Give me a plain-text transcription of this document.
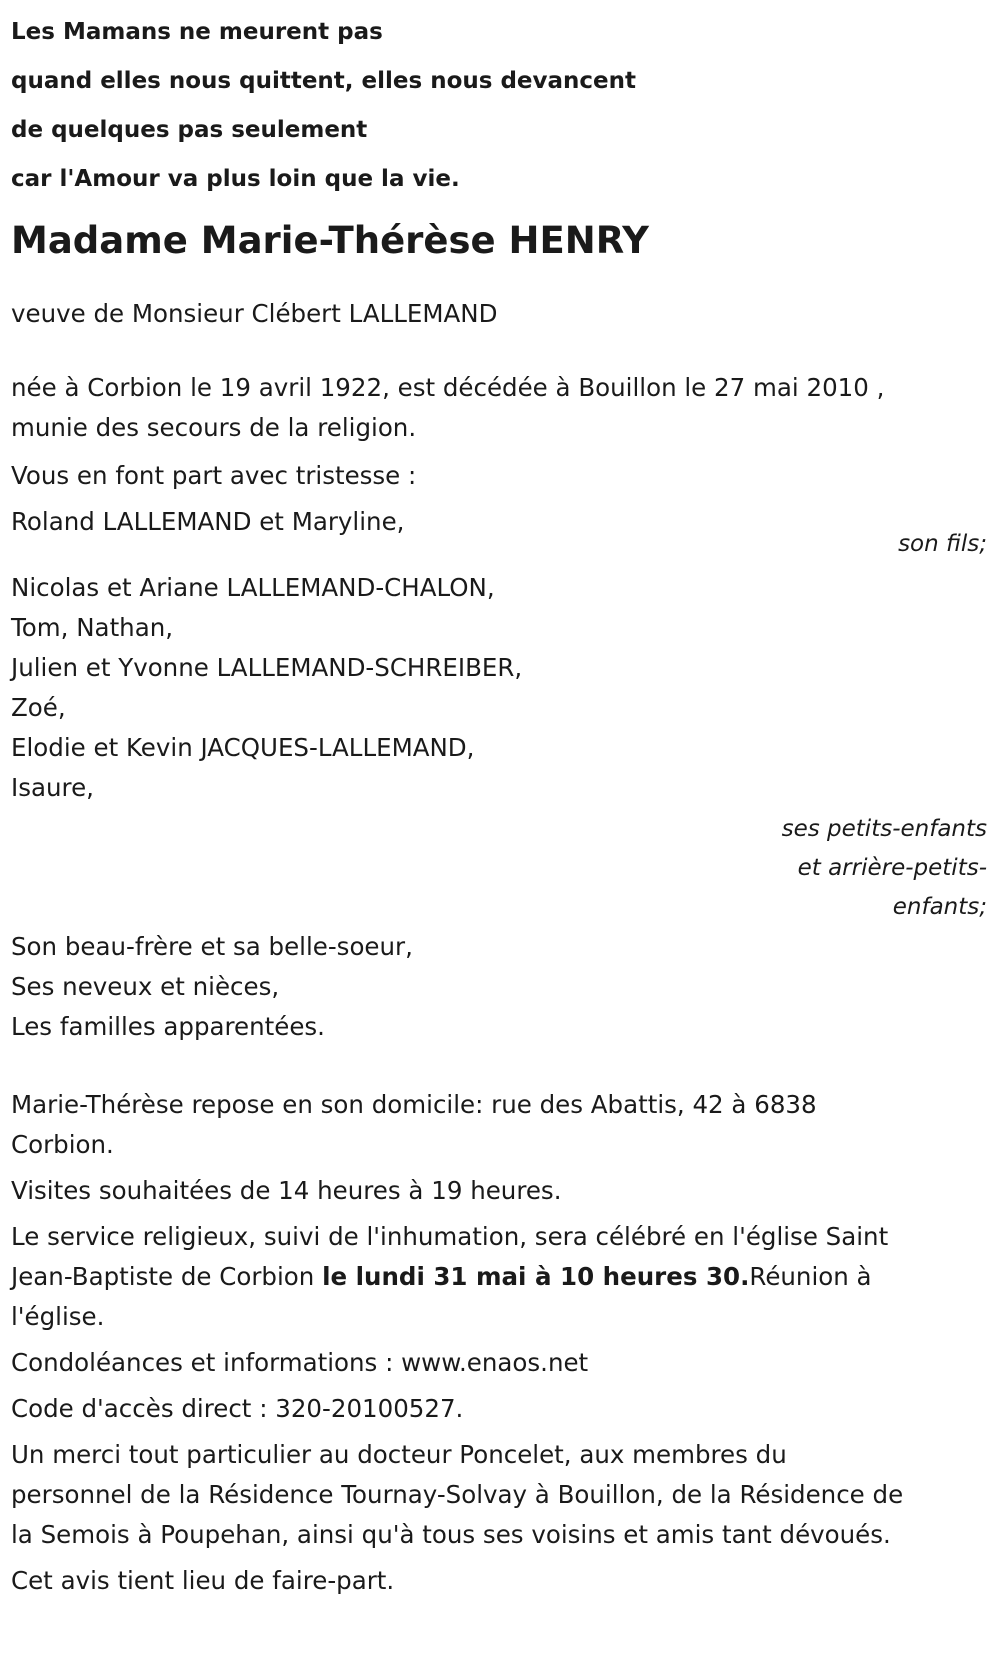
Les Mamans ne meurent pas
quand elles nous quittent, elles nous devancent
de quelques pas seulement
car l'Amour va plus loin que la vie.
Madame Marie-Thérèse HENRY
veuve de Monsieur Clébert LALLEMAND
née à Corbion le 19 avril 1922, est décédée à Bouillon le 27 mai 2010 ,
munie des secours de la religion.
Vous en font part avec tristesse :
Roland LALLEMAND et Maryline,
son fils;
Nicolas et Ariane LALLEMAND-CHALON,
Tom, Nathan,
Julien et Yvonne LALLEMAND-SCHREIBER,
Zoé,
Elodie et Kevin JACQUES-LALLEMAND,
Isaure,
ses petits-enfants
et arrière-petits-
enfants;
Son beau-frère et sa belle-soeur,
Ses neveux et nièces,
Les familles apparentées.
Marie-Thérèse repose en son domicile: rue des Abattis, 42 à 6838
Corbion.
Visites souhaitées de 14 heures à 19 heures.
Le service religieux, suivi de l'inhumation, sera célébré en l'église Saint
Jean-Baptiste de Corbion le lundi 31 mai à 10 heures 30.Réunion à
l'église.
Condoléances et informations : www.enaos.net
Code d'accès direct : 320-20100527.
Un merci tout particulier au docteur Poncelet, aux membres du
personnel de la Résidence Tournay-Solvay à Bouillon, de la Résidence de
la Semois à Poupehan, ainsi qu'à tous ses voisins et amis tant dévoués.
Cet avis tient lieu de faire-part.
